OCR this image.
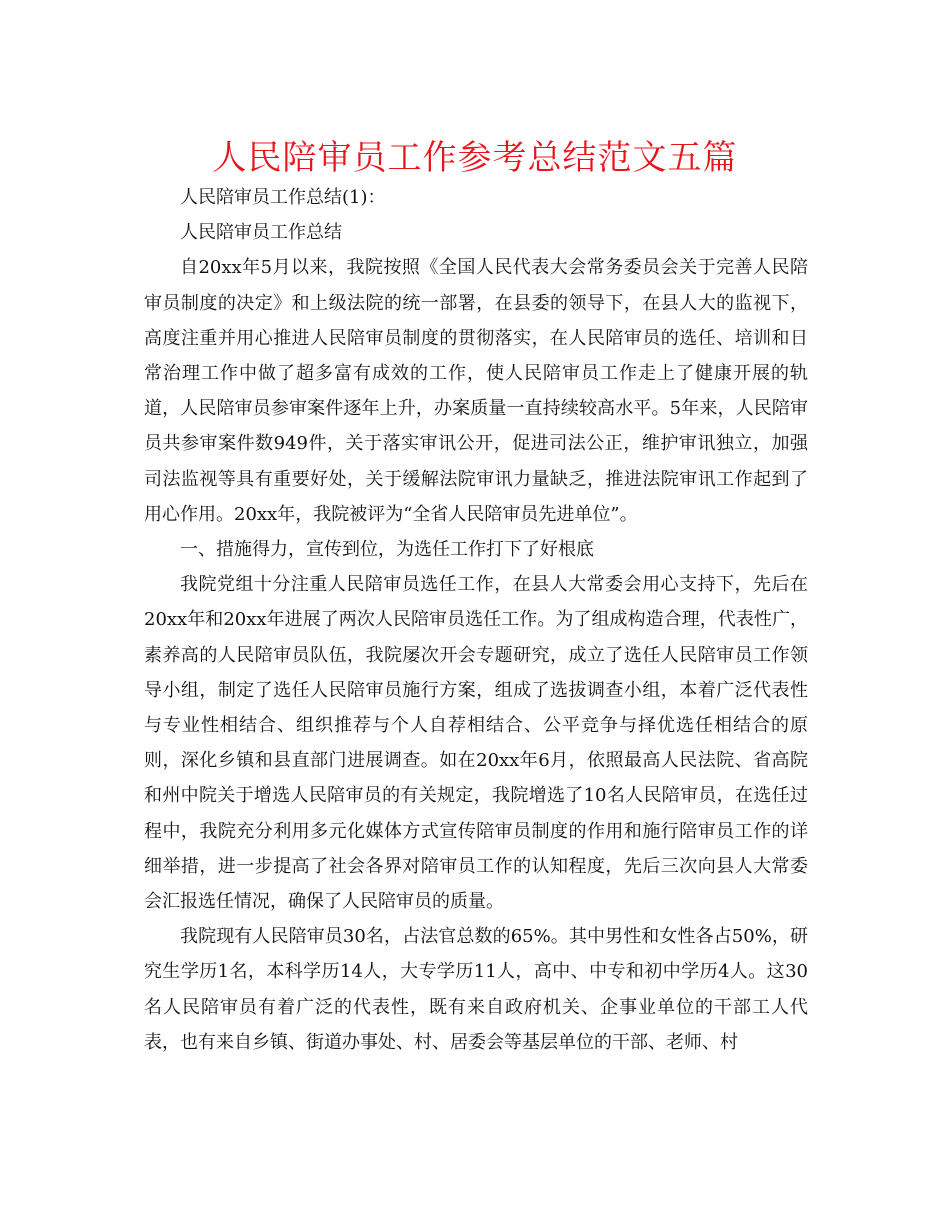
人民陪审员工作参考总结范文五篇

人民陪审员工作总结(1)：

人民陪审员工作总结

自20xx年5月以来，我院按照《全国人民代表大会常务委员会关于完善人民陪审员制度的决定》和上级法院的统一部署，在县委的领导下，在县人大的监视下，高度注重并用心推进人民陪审员制度的贯彻落实，在人民陪审员的选任、培训和日常治理工作中做了超多富有成效的工作，使人民陪审员工作走上了健康开展的轨道，人民陪审员参审案件逐年上升，办案质量一直持续较高水平。5年来，人民陪审员共参审案件数949件，关于落实审讯公开，促进司法公正，维护审讯独立，加强司法监视等具有重要好处，关于缓解法院审讯力量缺乏，推进法院审讯工作起到了用心作用。20xx年，我院被评为“全省人民陪审员先进单位”。

一、措施得力，宣传到位，为选任工作打下了好根底

我院党组十分注重人民陪审员选任工作，在县人大常委会用心支持下，先后在20xx年和20xx年进展了两次人民陪审员选任工作。为了组成构造合理，代表性广，素养高的人民陪审员队伍，我院屡次开会专题研究，成立了选任人民陪审员工作领导小组，制定了选任人民陪审员施行方案，组成了选拔调查小组，本着广泛代表性与专业性相结合、组织推荐与个人自荐相结合、公平竞争与择优选任相结合的原则，深化乡镇和县直部门进展调查。如在20xx年6月，依照最高人民法院、省高院和州中院关于增选人民陪审员的有关规定，我院增选了10名人民陪审员，在选任过程中，我院充分利用多元化媒体方式宣传陪审员制度的作用和施行陪审员工作的详细举措，进一步提高了社会各界对陪审员工作的认知程度，先后三次向县人大常委会汇报选任情况，确保了人民陪审员的质量。

我院现有人民陪审员30名，占法官总数的65%。其中男性和女性各占50%，研究生学历1名，本科学历14人，大专学历11人，高中、中专和初中学历4人。这30名人民陪审员有着广泛的代表性，既有来自政府机关、企事业单位的干部工人代表，也有来自乡镇、街道办事处、村、居委会等基层单位的干部、老师、村
